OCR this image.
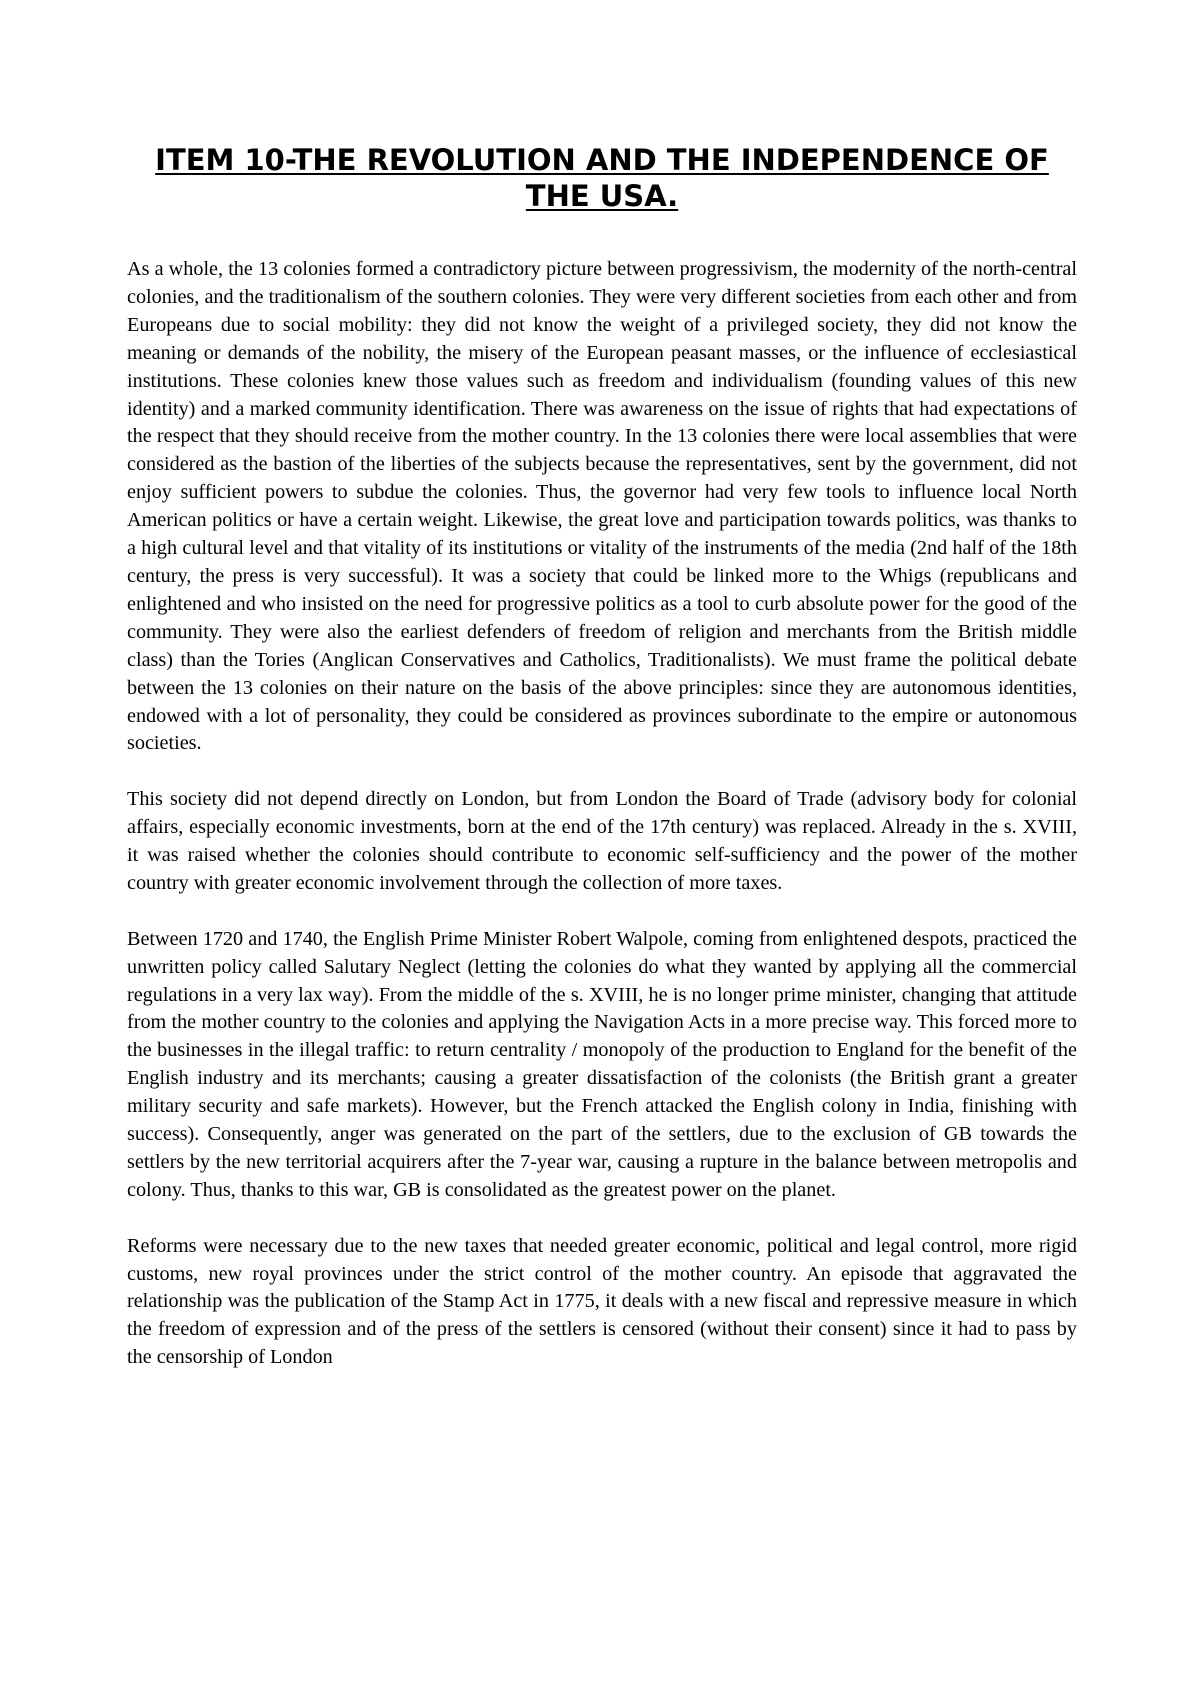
ITEM 10-THE REVOLUTION AND THE INDEPENDENCE OF THE USA.

As a whole, the 13 colonies formed a contradictory picture between progressivism, the modernity of the north-central colonies, and the traditionalism of the southern colonies. They were very different societies from each other and from Europeans due to social mobility: they did not know the weight of a privileged society, they did not know the meaning or demands of the nobility, the misery of the European peasant masses, or the influence of ecclesiastical institutions. These colonies knew those values such as freedom and individualism (founding values of this new identity) and a marked community identification. There was awareness on the issue of rights that had expectations of the respect that they should receive from the mother country. In the 13 colonies there were local assemblies that were considered as the bastion of the liberties of the subjects because the representatives, sent by the government, did not enjoy sufficient powers to subdue the colonies. Thus, the governor had very few tools to influence local North American politics or have a certain weight. Likewise, the great love and participation towards politics, was thanks to a high cultural level and that vitality of its institutions or vitality of the instruments of the media (2nd half of the 18th century, the press is very successful). It was a society that could be linked more to the Whigs (republicans and enlightened and who insisted on the need for progressive politics as a tool to curb absolute power for the good of the community. They were also the earliest defenders of freedom of religion and merchants from the British middle class) than the Tories (Anglican Conservatives and Catholics, Traditionalists). We must frame the political debate between the 13 colonies on their nature on the basis of the above principles: since they are autonomous identities, endowed with a lot of personality, they could be considered as provinces subordinate to the empire or autonomous societies.

This society did not depend directly on London, but from London the Board of Trade (advisory body for colonial affairs, especially economic investments, born at the end of the 17th century) was replaced. Already in the s. XVIII, it was raised whether the colonies should contribute to economic self-sufficiency and the power of the mother country with greater economic involvement through the collection of more taxes.

Between 1720 and 1740, the English Prime Minister Robert Walpole, coming from enlightened despots, practiced the unwritten policy called Salutary Neglect (letting the colonies do what they wanted by applying all the commercial regulations in a very lax way). From the middle of the s. XVIII, he is no longer prime minister, changing that attitude from the mother country to the colonies and applying the Navigation Acts in a more precise way. This forced more to the businesses in the illegal traffic: to return centrality / monopoly of the production to England for the benefit of the English industry and its merchants; causing a greater dissatisfaction of the colonists (the British grant a greater military security and safe markets). However, but the French attacked the English colony in India, finishing with success). Consequently, anger was generated on the part of the settlers, due to the exclusion of GB towards the settlers by the new territorial acquirers after the 7-year war, causing a rupture in the balance between metropolis and colony. Thus, thanks to this war, GB is consolidated as the greatest power on the planet.

Reforms were necessary due to the new taxes that needed greater economic, political and legal control, more rigid customs, new royal provinces under the strict control of the mother country. An episode that aggravated the relationship was the publication of the Stamp Act in 1775, it deals with a new fiscal and repressive measure in which the freedom of expression and of the press of the settlers is censored (without their consent) since it had to pass by the censorship of London
